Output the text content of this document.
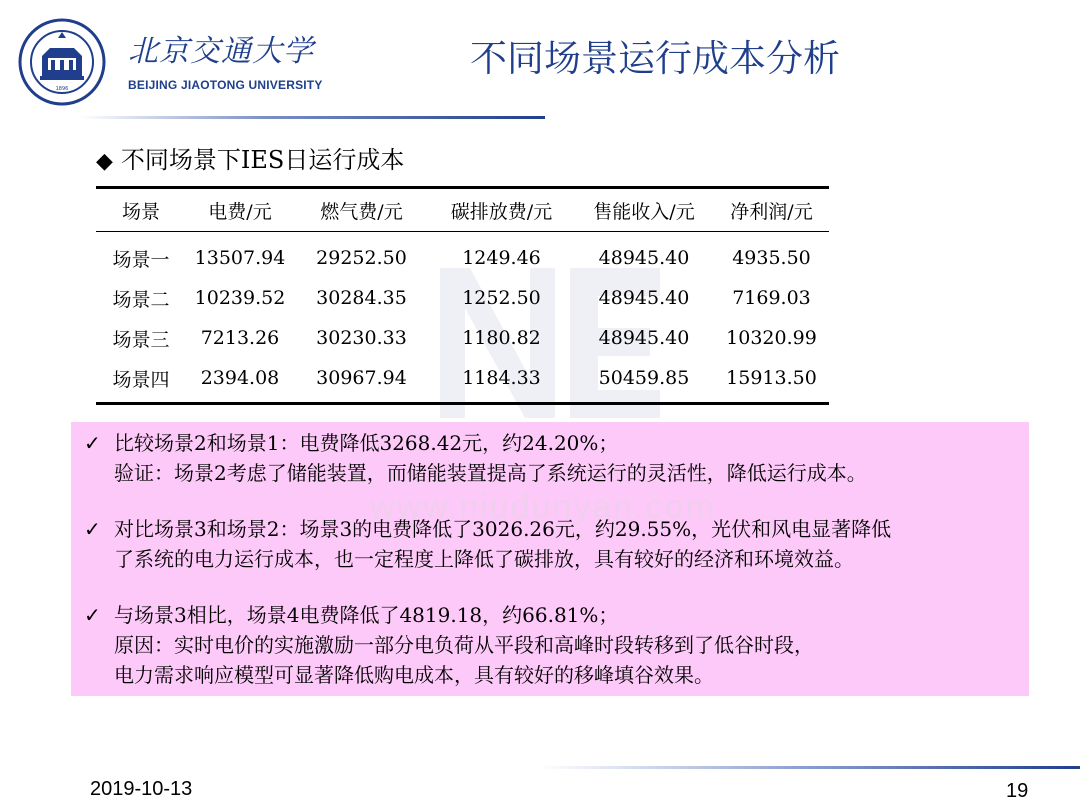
1896
北京交通大学
BEIJING JIAOTONG UNIVERSITY
不同场景运行成本分析
◆ 不同场景下IES日运行成本
场景	电费/元	燃气费/元	碳排放费/元	售能收入/元	净利润/元
场景一	13507.94	29252.50	1249.46	48945.40	4935.50
场景二	10239.52	30284.35	1252.50	48945.40	7169.03
场景三	7213.26	30230.33	1180.82	48945.40	10320.99
场景四	2394.08	30967.94	1184.33	50459.85	15913.50
✓ 比较场景2和场景1：电费降低3268.42元，约24.20%；
验证：场景2考虑了储能装置，而储能装置提高了系统运行的灵活性，降低运行成本。
✓ 对比场景3和场景2：场景3的电费降低了3026.26元，约29.55%，光伏和风电显著降低
了系统的电力运行成本，也一定程度上降低了碳排放，具有较好的经济和环境效益。
✓ 与场景3相比，场景4电费降低了4819.18，约66.81%；
原因：实时电价的实施激励一部分电负荷从平段和高峰时段转移到了低谷时段，
电力需求响应模型可显著降低购电成本，具有较好的移峰填谷效果。
www.niudunyan.com
2019-10-13	19
